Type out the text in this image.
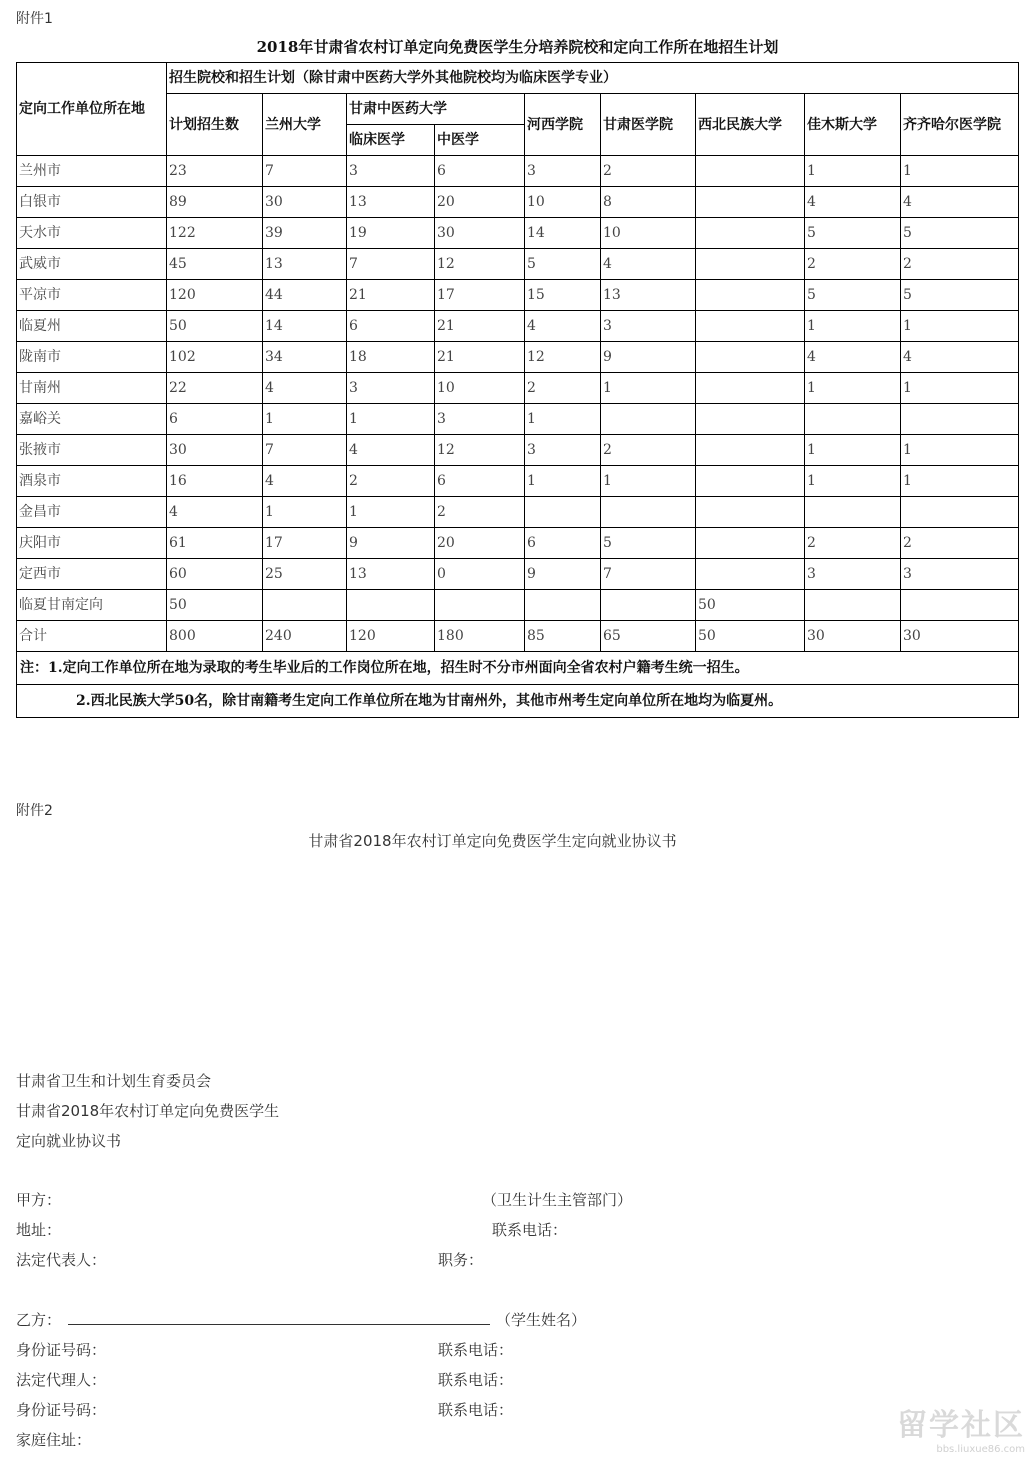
附件1
2018年甘肃省农村订单定向免费医学生分培养院校和定向工作所在地招生计划
定向工作单位所在地	招生院校和招生计划（除甘肃中医药大学外其他院校均为临床医学专业）								
	计划招生数	兰州大学	甘肃中医药大学		河西学院	甘肃医学院	西北民族大学	佳木斯大学	齐齐哈尔医学院
			临床医学	中医学					
兰州市	23	7	3	6	3	2		1	1
白银市	89	30	13	20	10	8		4	4
天水市	122	39	19	30	14	10		5	5
武威市	45	13	7	12	5	4		2	2
平凉市	120	44	21	17	15	13		5	5
临夏州	50	14	6	21	4	3		1	1
陇南市	102	34	18	21	12	9		4	4
甘南州	22	4	3	10	2	1		1	1
嘉峪关	6	1	1	3	1				
张掖市	30	7	4	12	3	2		1	1
酒泉市	16	4	2	6	1	1		1	1
金昌市	4	1	1	2					
庆阳市	61	17	9	20	6	5		2	2
定西市	60	25	13	0	9	7		3	3
临夏甘南定向	50						50		
合计	800	240	120	180	85	65	50	30	30
注：1.定向工作单位所在地为录取的考生毕业后的工作岗位所在地，招生时不分市州面向全省农村户籍考生统一招生。									
2.西北民族大学50名，除甘南籍考生定向工作单位所在地为甘南州外，其他市州考生定向单位所在地均为临夏州。									
附件2
甘肃省2018年农村订单定向免费医学生定向就业协议书
甘肃省卫生和计划生育委员会
甘肃省2018年农村订单定向免费医学生
定向就业协议书
甲方：	（卫生计生主管部门）
地址：	联系电话：
法定代表人：	职务：
乙方：	（学生姓名）
身份证号码：	联系电话：
法定代理人：	联系电话：
身份证号码：	联系电话：
家庭住址：	留学社区
bbs.liuxue86.com
